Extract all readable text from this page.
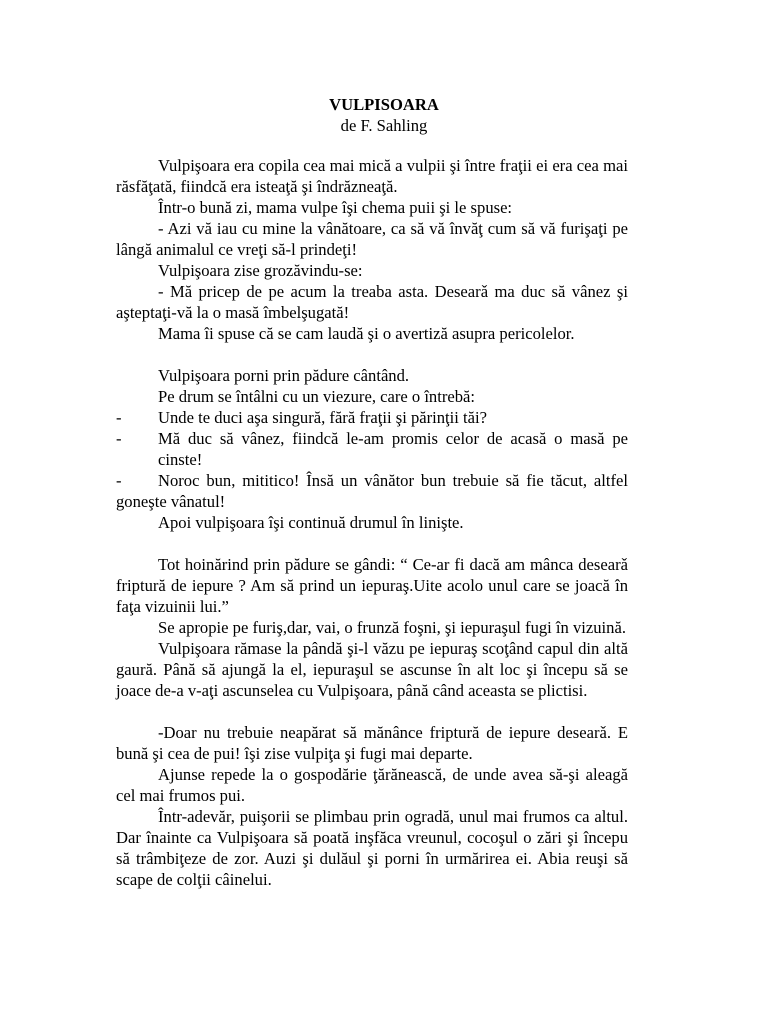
VULPISOARA
de F. Sahling

Vulpişoara era copila cea mai mică a vulpii şi între fraţii ei era cea mai răsfăţată, fiindcă era isteaţă şi îndrăzneaţă.

Într-o bună zi, mama vulpe îşi chema puii şi le spuse:

- Azi vă iau cu mine la vânătoare, ca să vă învăţ cum să vă furişaţi pe lângă animalul ce vreţi să-l prindeţi!

Vulpişoara zise grozăvindu-se:

- Mă pricep de pe acum la treaba asta. Desearǎ ma duc să vânez şi aşteptaţi-vă la o masă îmbelşugată!

Mama îi spuse că se cam laudă şi o avertiză asupra pericolelor.

Vulpişoara porni prin pădure cântând.

Pe drum se întâlni cu un viezure, care o întrebă:

- Unde te duci aşa singură, fără fraţii şi părinţii tăi?
- Mă duc să vânez, fiindcă le-am promis celor de acasă o masă pe cinste!
- Noroc bun, mititico! Însă un vânător bun trebuie să fie tăcut, altfel goneşte vânatul!

Apoi vulpişoara îşi continuă drumul în linişte.

Tot hoinărind prin pădure se gândi: “ Ce-ar fi dacă am mânca desearǎ friptură de iepure ? Am să prind un iepuraş.Uite acolo unul care se joacă în faţa vizuinii lui.”

Se apropie pe furiş,dar, vai, o frunză foşni, şi iepuraşul fugi în vizuină.

Vulpişoara rămase la pândă şi-l văzu pe iepuraş scoţând capul din altă gaură. Până să ajungă la el, iepuraşul se ascunse în alt loc şi începu să se joace de-a v-aţi ascunselea cu Vulpişoara, până când aceasta se plictisi.

-Doar nu trebuie neapărat să mănânce friptură de iepure desearǎ. E bună şi cea de pui! îşi zise vulpiţa şi fugi mai departe.

Ajunse repede la o gospodărie ţărănească, de unde avea să-şi aleagă cel mai frumos pui.

Într-adevăr, puişorii se plimbau prin ogradă, unul mai frumos ca altul. Dar înainte ca Vulpişoara să poată inşfăca vreunul, cocoşul o zări şi începu să trâmbiţeze de zor. Auzi şi dulăul şi porni în urmărirea ei. Abia reuşi să scape de colţii câinelui.
